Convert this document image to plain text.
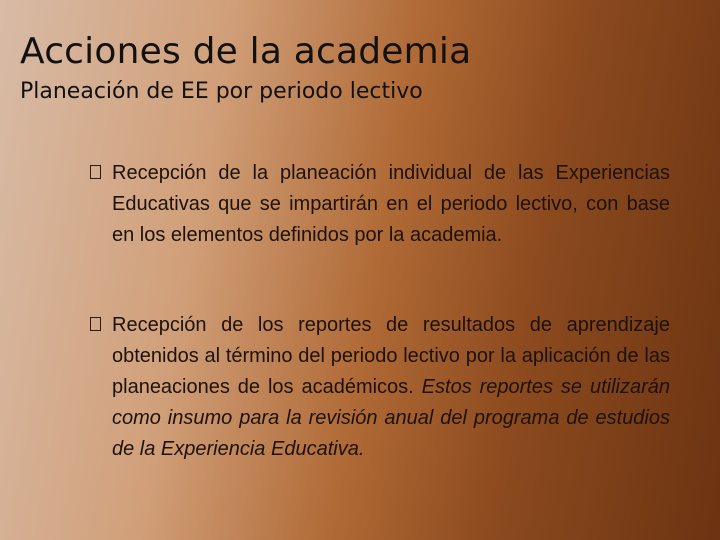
Acciones de la academia
Planeación de EE por periodo lectivo
Recepción de la planeación individual de las Experiencias Educativas que se impartirán en el periodo lectivo, con base en los elementos definidos por la academia.
Recepción de los reportes de resultados de aprendizaje obtenidos al término del periodo lectivo por la aplicación de las planeaciones de los académicos. Estos reportes se utilizarán como insumo para la revisión anual del programa de estudios de la Experiencia Educativa.
